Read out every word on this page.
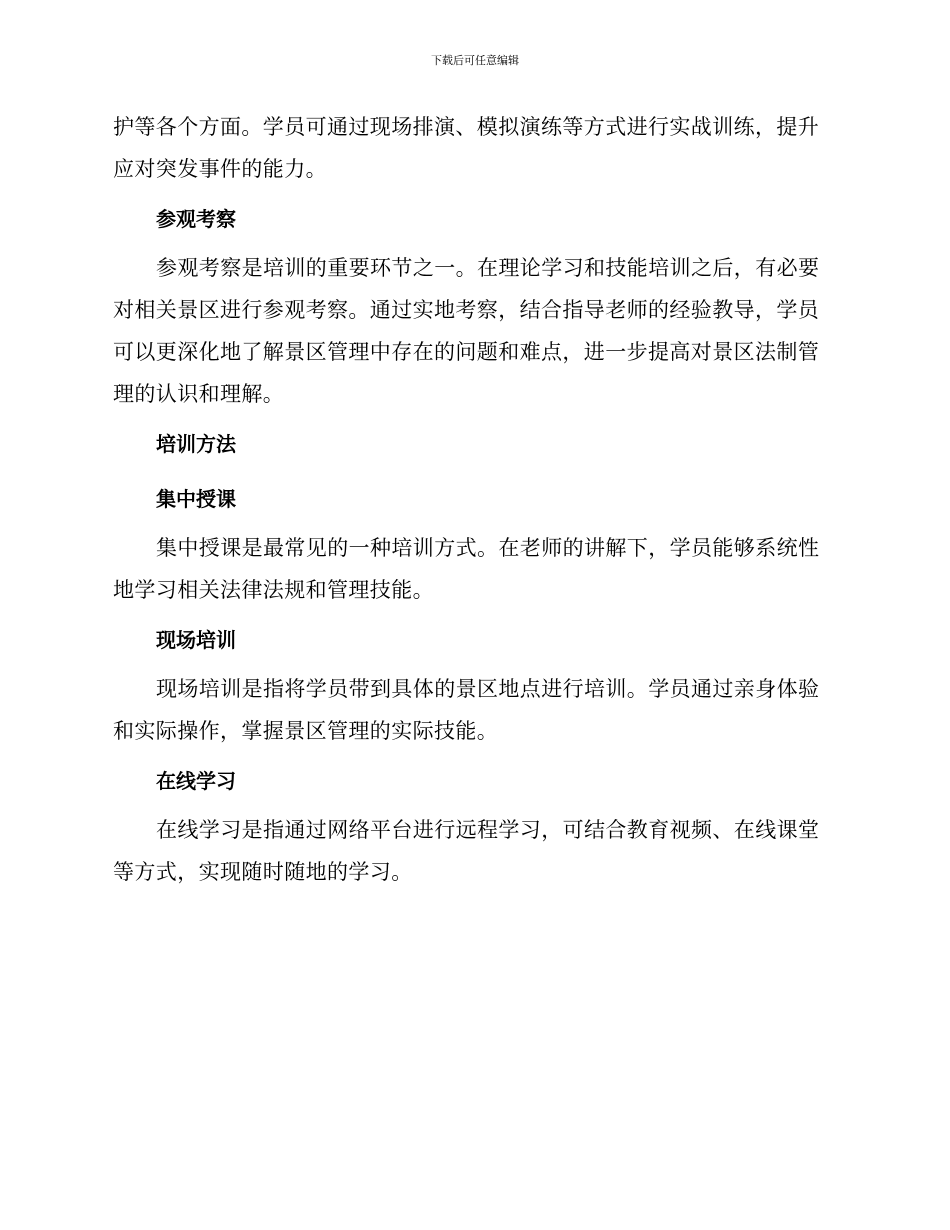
下载后可任意编辑

护等各个方面。学员可通过现场排演、模拟演练等方式进行实战训练，提升应对突发事件的能力。

参观考察

参观考察是培训的重要环节之一。在理论学习和技能培训之后，有必要对相关景区进行参观考察。通过实地考察，结合指导老师的经验教导，学员可以更深化地了解景区管理中存在的问题和难点，进一步提高对景区法制管理的认识和理解。

培训方法
集中授课

集中授课是最常见的一种培训方式。在老师的讲解下，学员能够系统性地学习相关法律法规和管理技能。

现场培训

现场培训是指将学员带到具体的景区地点进行培训。学员通过亲身体验和实际操作，掌握景区管理的实际技能。

在线学习

在线学习是指通过网络平台进行远程学习，可结合教育视频、在线课堂等方式，实现随时随地的学习。
